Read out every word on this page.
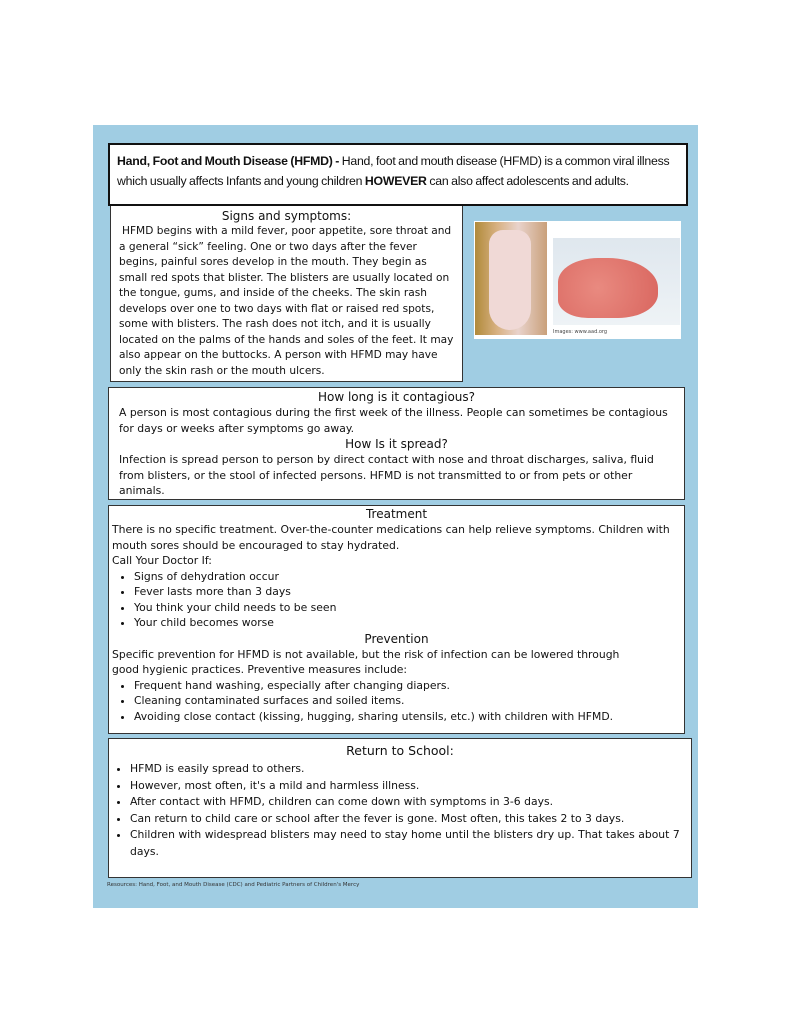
Hand, Foot and Mouth Disease (HFMD) - Hand, foot and mouth disease (HFMD) is a common viral illness which usually affects Infants and young children HOWEVER can also affect adolescents and adults.
Signs and symptoms:
HFMD begins with a mild fever, poor appetite, sore throat and a general “sick” feeling. One or two days after the fever begins, painful sores develop in the mouth. They begin as small red spots that blister. The blisters are usually located on the tongue, gums, and inside of the cheeks. The skin rash develops over one to two days with flat or raised red spots, some with blisters. The rash does not itch, and it is usually located on the palms of the hands and soles of the feet. It may also appear on the buttocks. A person with HFMD may have only the skin rash or the mouth ulcers.
Images: www.aad.org
How long is it contagious?
A person is most contagious during the first week of the illness. People can sometimes be contagious for days or weeks after symptoms go away.
How Is it spread?
Infection is spread person to person by direct contact with nose and throat discharges, saliva, fluid from blisters, or the stool of infected persons. HFMD is not transmitted to or from pets or other animals.
Treatment
There is no specific treatment. Over-the-counter medications can help relieve symptoms. Children with mouth sores should be encouraged to stay hydrated.
Call Your Doctor If:
• Signs of dehydration occur
• Fever lasts more than 3 days
• You think your child needs to be seen
• Your child becomes worse
Prevention
Specific prevention for HFMD is not available, but the risk of infection can be lowered through good hygienic practices. Preventive measures include:
• Frequent hand washing, especially after changing diapers.
• Cleaning contaminated surfaces and soiled items.
• Avoiding close contact (kissing, hugging, sharing utensils, etc.) with children with HFMD.
Return to School:
• HFMD is easily spread to others.
• However, most often, it's a mild and harmless illness.
• After contact with HFMD, children can come down with symptoms in 3-6 days.
• Can return to child care or school after the fever is gone. Most often, this takes 2 to 3 days.
• Children with widespread blisters may need to stay home until the blisters dry up. That takes about 7 days.
Resources: Hand, Foot, and Mouth Disease (CDC) and Pediatric Partners of Children's Mercy
